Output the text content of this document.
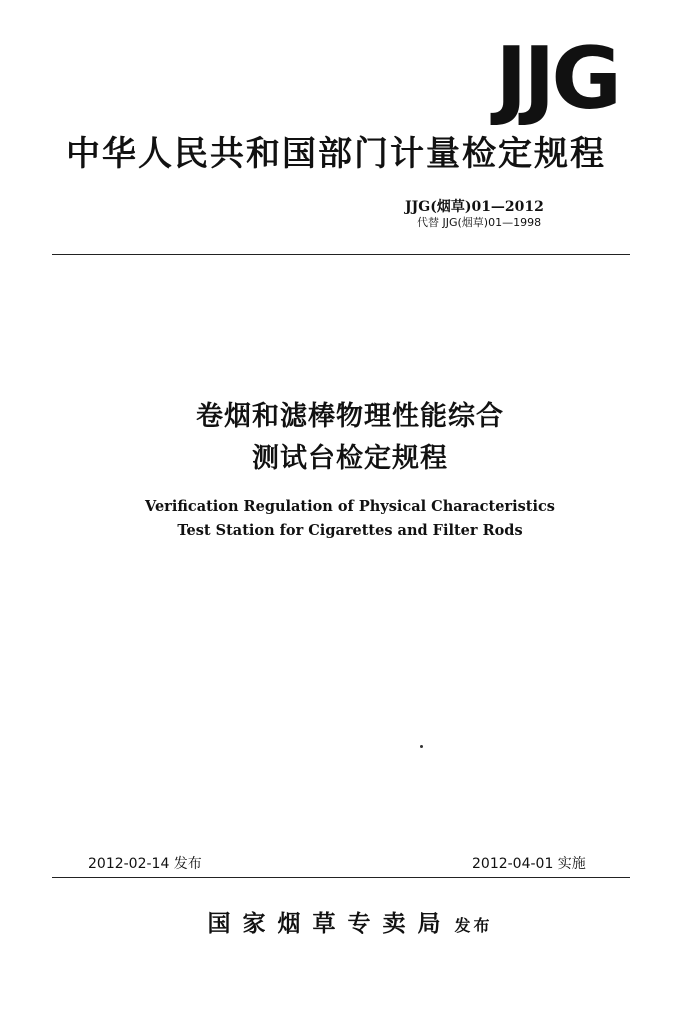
JJG
中华人民共和国部门计量检定规程
JJG(烟草)01—2012
代替 JJG(烟草)01—1998
卷烟和滤棒物理性能综合
测试台检定规程
Verification Regulation of Physical Characteristics
Test Station for Cigarettes and Filter Rods
2012-02-14 发布	2012-04-01 实施
国家烟草专卖局 发布
